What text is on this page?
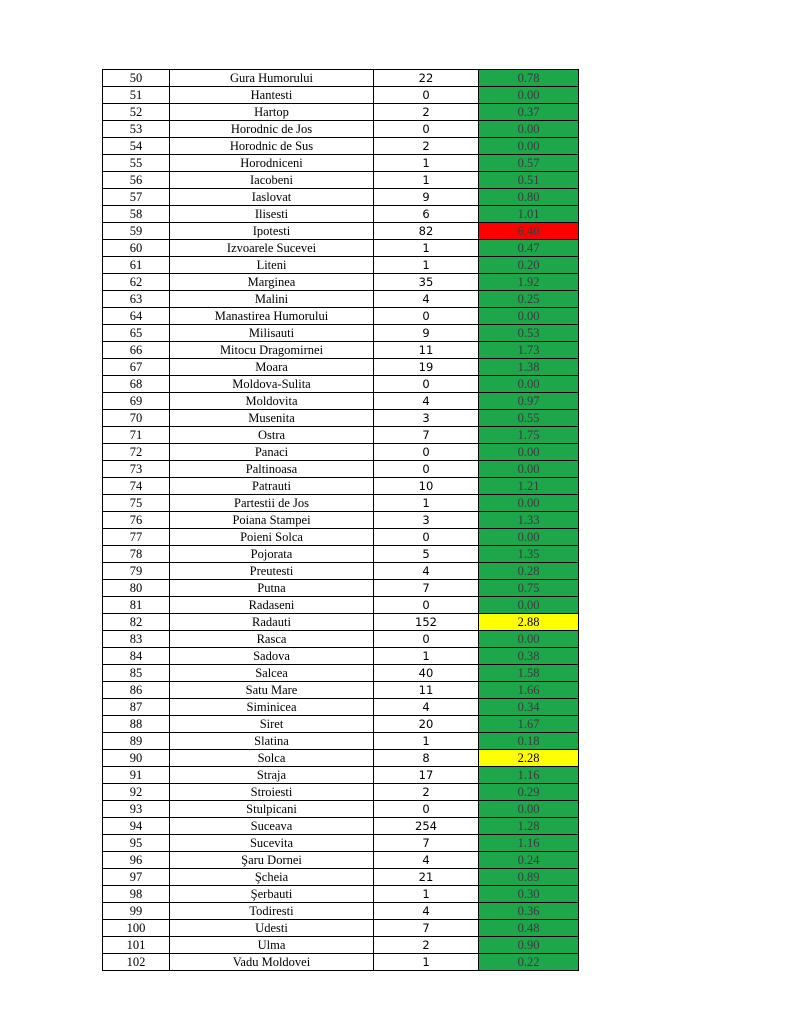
50	Gura Humorului	22	0.78
51	Hantesti	0	0.00
52	Hartop	2	0.37
53	Horodnic de Jos	0	0.00
54	Horodnic de Sus	2	0.00
55	Horodniceni	1	0.57
56	Iacobeni	1	0.51
57	Iaslovat	9	0.80
58	Ilisesti	6	1.01
59	Ipotesti	82	6.40
60	Izvoarele Sucevei	1	0.47
61	Liteni	1	0.20
62	Marginea	35	1.92
63	Malini	4	0.25
64	Manastirea Humorului	0	0.00
65	Milisauti	9	0.53
66	Mitocu Dragomirnei	11	1.73
67	Moara	19	1.38
68	Moldova-Sulita	0	0.00
69	Moldovita	4	0.97
70	Musenita	3	0.55
71	Ostra	7	1.75
72	Panaci	0	0.00
73	Paltinoasa	0	0.00
74	Patrauti	10	1.21
75	Partestii de Jos	1	0.00
76	Poiana Stampei	3	1.33
77	Poieni Solca	0	0.00
78	Pojorata	5	1.35
79	Preutesti	4	0.28
80	Putna	7	0.75
81	Radaseni	0	0.00
82	Radauti	152	2.88
83	Rasca	0	0.00
84	Sadova	1	0.38
85	Salcea	40	1.58
86	Satu Mare	11	1.66
87	Siminicea	4	0.34
88	Siret	20	1.67
89	Slatina	1	0.18
90	Solca	8	2.28
91	Straja	17	1.16
92	Stroiesti	2	0.29
93	Stulpicani	0	0.00
94	Suceava	254	1.28
95	Sucevita	7	1.16
96	Şaru Dornei	4	0.24
97	Şcheia	21	0.89
98	Şerbauti	1	0.30
99	Todiresti	4	0.36
100	Udesti	7	0.48
101	Ulma	2	0.90
102	Vadu Moldovei	1	0.22
